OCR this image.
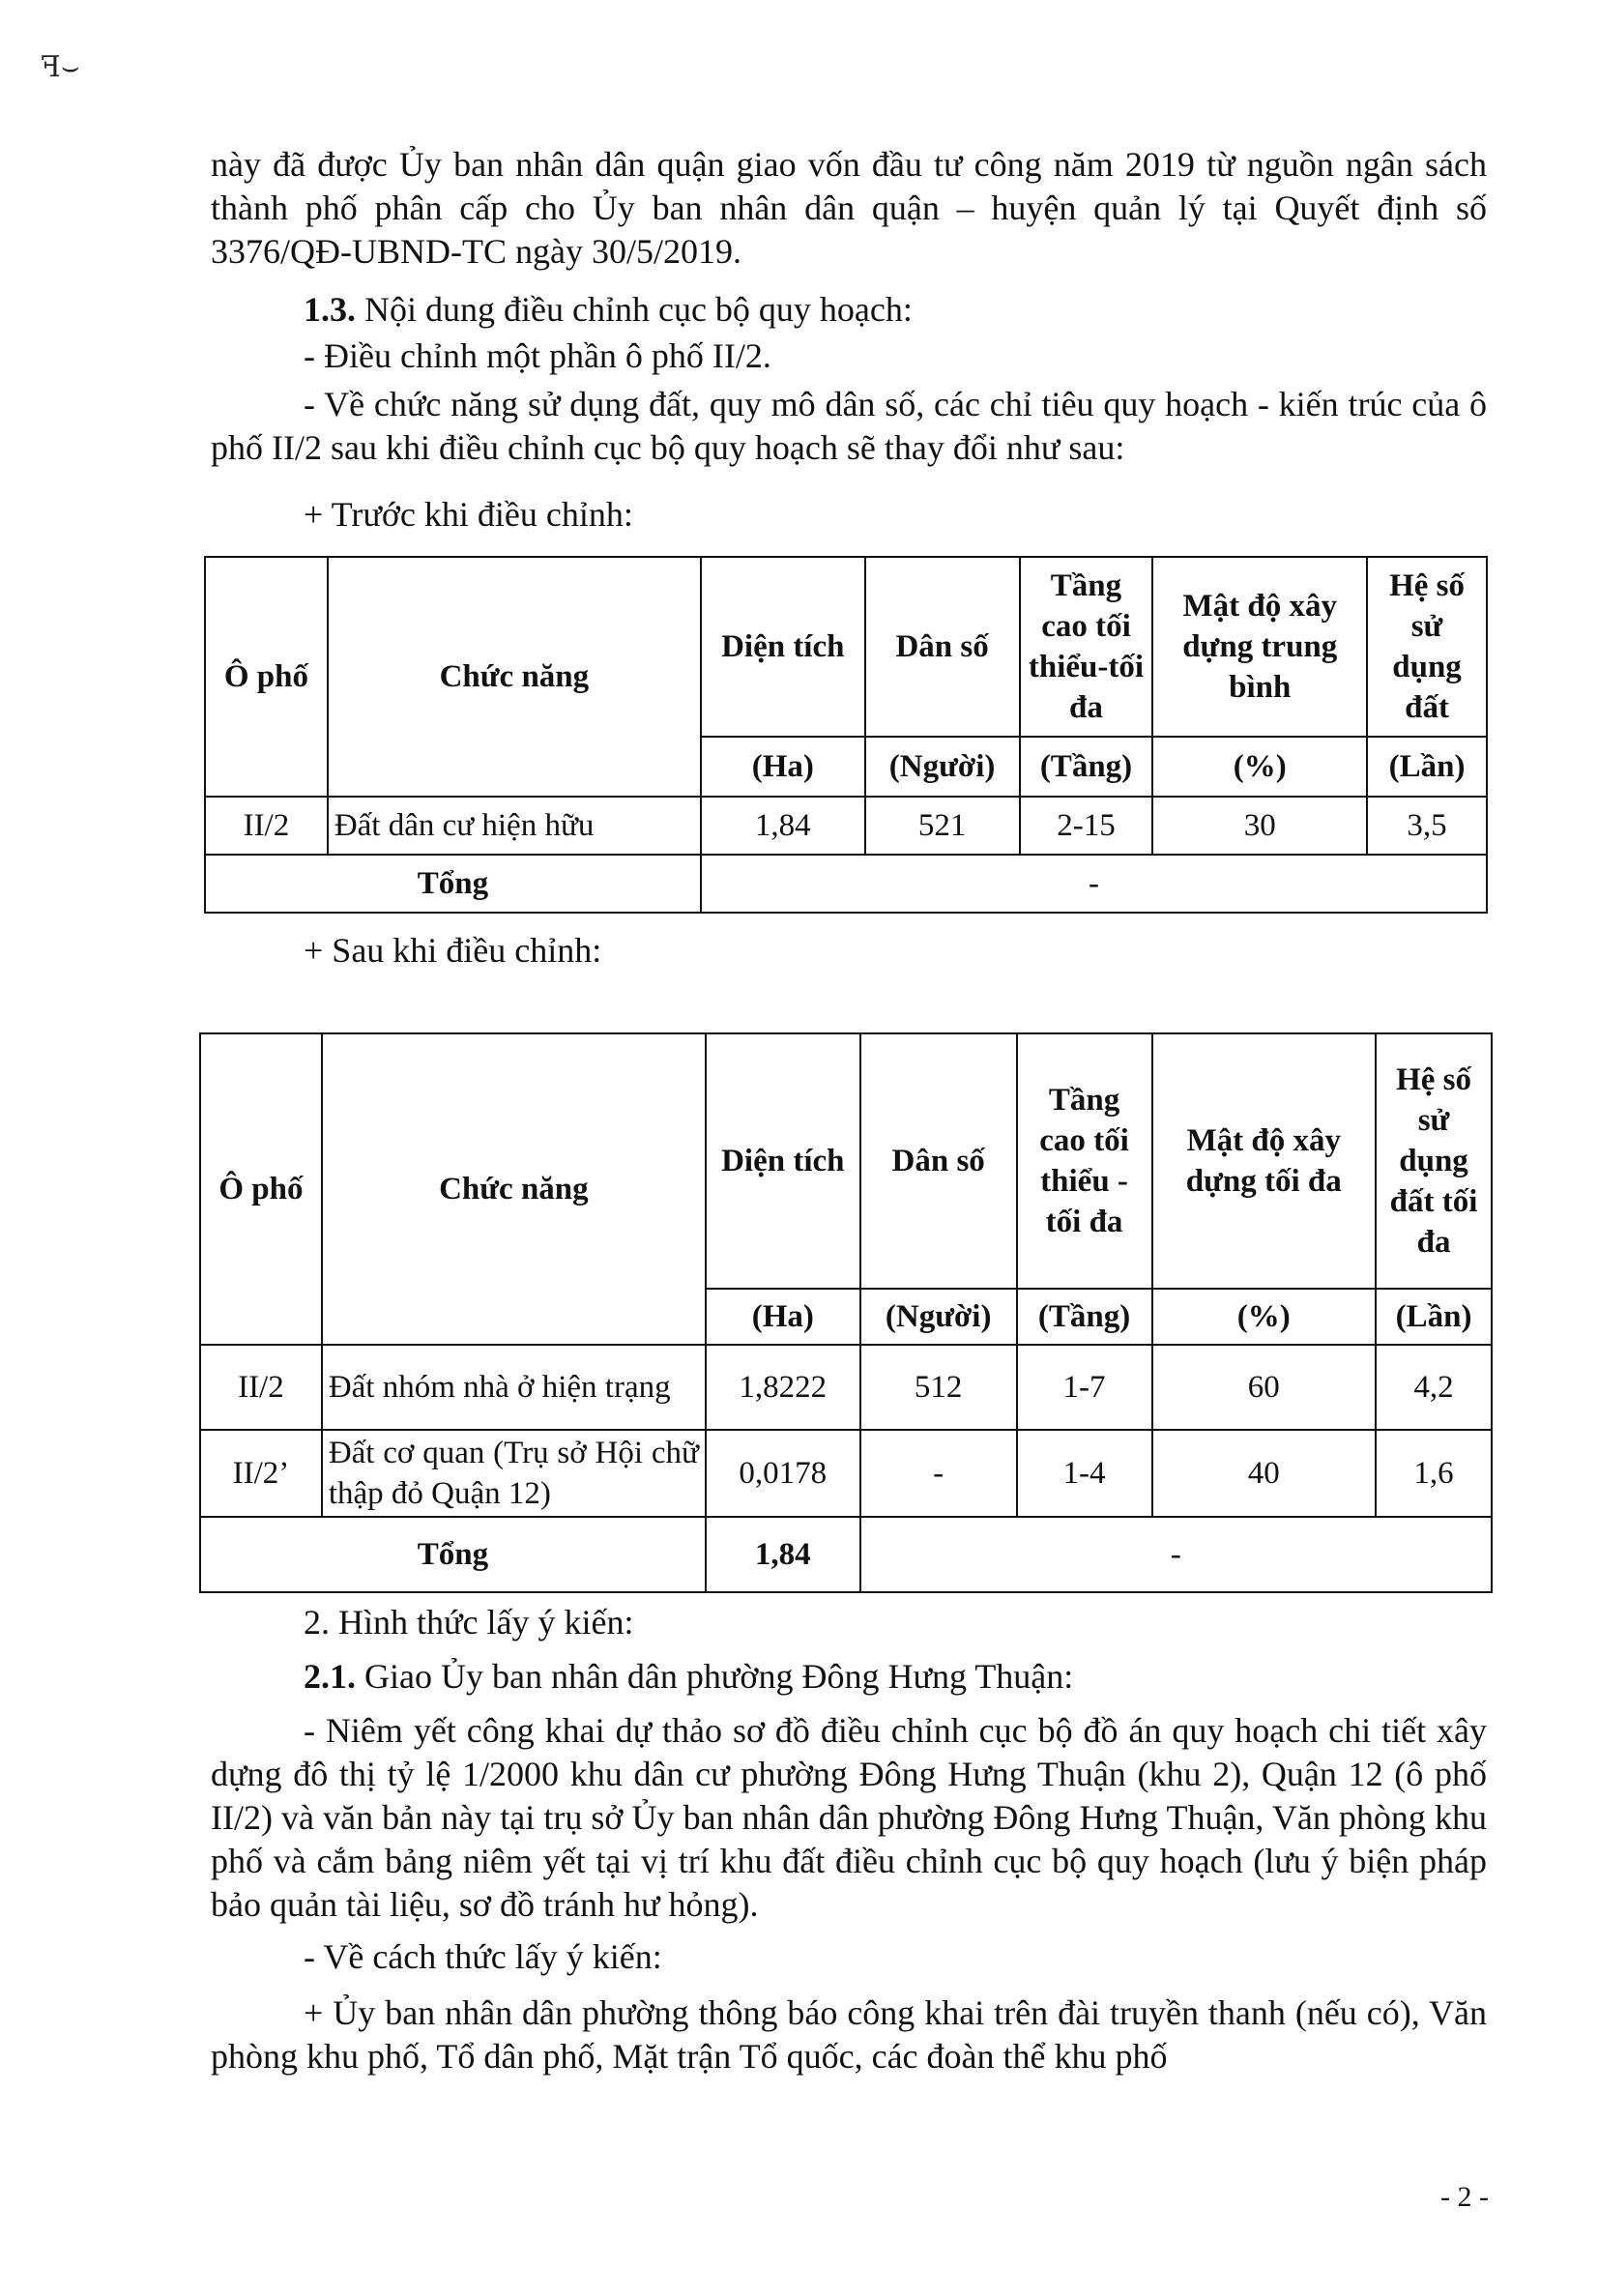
ꟻ⌣

này đã được Ủy ban nhân dân quận giao vốn đầu tư công năm 2019 từ nguồn ngân sách thành phố phân cấp cho Ủy ban nhân dân quận – huyện quản lý tại Quyết định số 3376/QĐ-UBND-TC ngày 30/5/2019.

1.3. Nội dung điều chỉnh cục bộ quy hoạch:

- Điều chỉnh một phần ô phố II/2.

- Về chức năng sử dụng đất, quy mô dân số, các chỉ tiêu quy hoạch - kiến trúc của ô phố II/2 sau khi điều chỉnh cục bộ quy hoạch sẽ thay đổi như sau:

+ Trước khi điều chỉnh:

Ô phố	Chức năng	Diện tích	Dân số	Tầng cao tối thiểu-tối đa	Mật độ xây dựng trung bình	Hệ số sử dụng đất
		(Ha)	(Người)	(Tầng)	(%)	(Lần)
II/2	Đất dân cư hiện hữu	1,84	521	2-15	30	3,5
Tổng		-				

+ Sau khi điều chỉnh:

Ô phố	Chức năng	Diện tích	Dân số	Tầng cao tối thiểu - tối đa	Mật độ xây dựng tối đa	Hệ số sử dụng đất tối đa
		(Ha)	(Người)	(Tầng)	(%)	(Lần)
II/2	Đất nhóm nhà ở hiện trạng	1,8222	512	1-7	60	4,2
II/2’	Đất cơ quan (Trụ sở Hội chữ thập đỏ Quận 12)	0,0178	-	1-4	40	1,6
Tổng		1,84	-			

2. Hình thức lấy ý kiến:

2.1. Giao Ủy ban nhân dân phường Đông Hưng Thuận:

- Niêm yết công khai dự thảo sơ đồ điều chỉnh cục bộ đồ án quy hoạch chi tiết xây dựng đô thị tỷ lệ 1/2000 khu dân cư phường Đông Hưng Thuận (khu 2), Quận 12 (ô phố II/2) và văn bản này tại trụ sở Ủy ban nhân dân phường Đông Hưng Thuận, Văn phòng khu phố và cắm bảng niêm yết tại vị trí khu đất điều chỉnh cục bộ quy hoạch (lưu ý biện pháp bảo quản tài liệu, sơ đồ tránh hư hỏng).

- Về cách thức lấy ý kiến:

+ Ủy ban nhân dân phường thông báo công khai trên đài truyền thanh (nếu có), Văn phòng khu phố, Tổ dân phố, Mặt trận Tổ quốc, các đoàn thể khu phố

- 2 -
